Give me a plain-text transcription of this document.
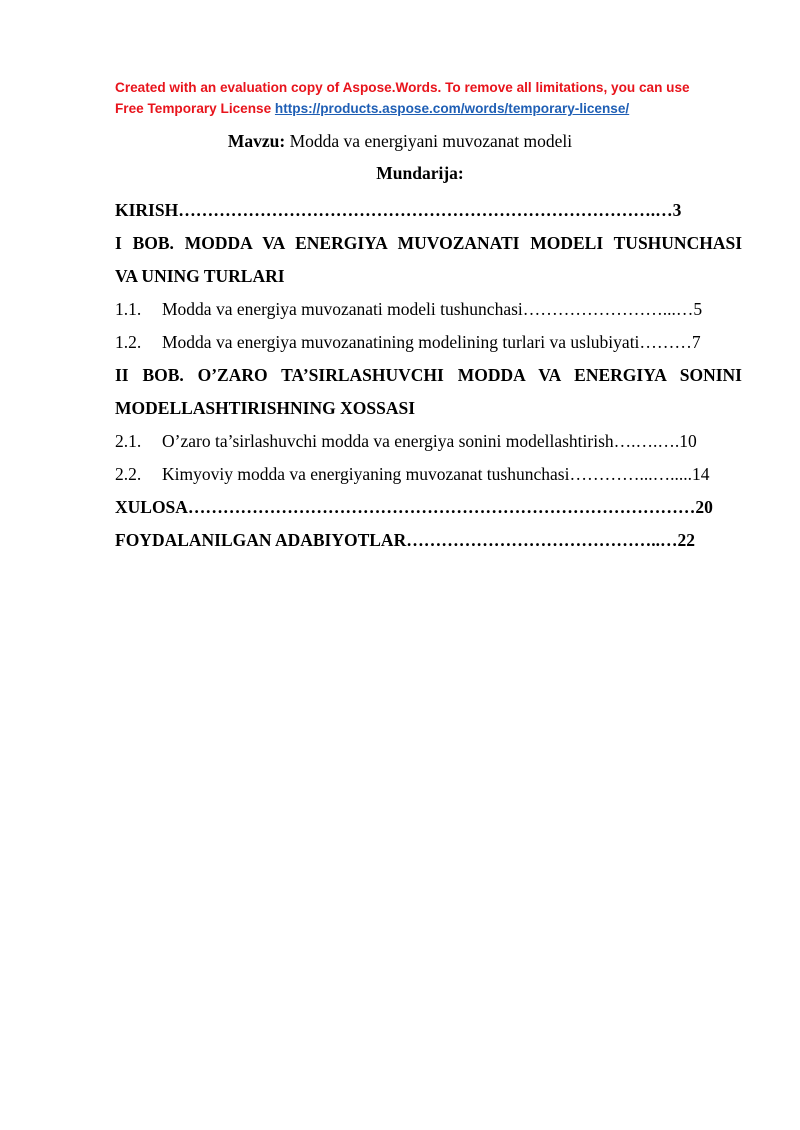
Created with an evaluation copy of Aspose.Words. To remove all limitations, you can use
Free Temporary License https://products.aspose.com/words/temporary-license/
Mavzu: Modda va energiyani muvozanat modeli
Mundarija:
KIRISH……………………………………………………………………….…3
I BOB. MODDA VA ENERGIYA MUVOZANATI MODELI TUSHUNCHASI
VA UNING TURLARI
1.1. Modda va energiya muvozanati modeli tushunchasi……………………...…5
1.2. Modda va energiya muvozanatining modelining turlari va uslubiyati………7
II BOB. O’ZARO TA’SIRLASHUVCHI MODDA VA ENERGIYA SONINI
MODELLASHTIRISHNING XOSSASI
2.1. O’zaro ta’sirlashuvchi modda va energiya sonini modellashtirish….….….10
2.2. Kimyoviy modda va energiyaning muvozanat tushunchasi…………...….....14
XULOSA……………………………………………………………………………20
FOYDALANILGAN ADABIYOTLAR……………………………………..…22
